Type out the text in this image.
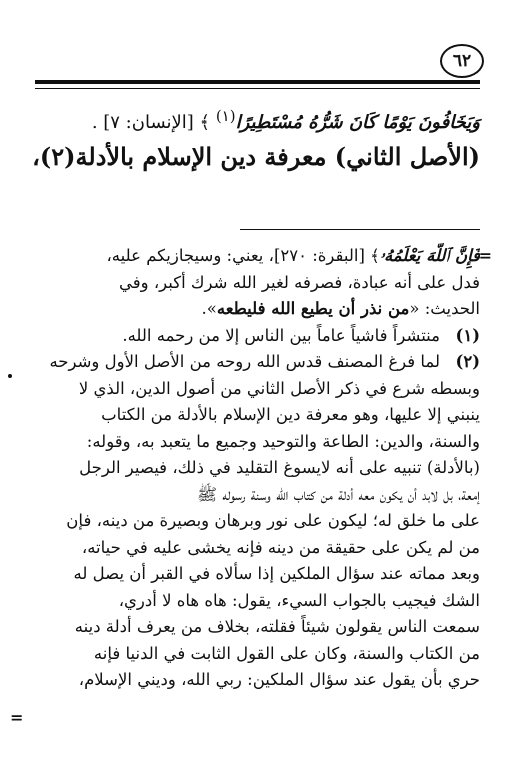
٦٢
وَيَخَافُونَ يَوْمًا كَانَ شَرُّهُ مُسْتَطِيرًا$^{(١)}$ ﴾ [الإنسان: ٧] .
(الأصل الثاني) معرفة دين الإسلام بالأدلة(٢)،
=
فَإِنَّ ٱللَّهَ يَعْلَمُهُۥ﴾ [البقرة: ٢٧٠]، يعني: وسيجازيكم عليه،
فدل على أنه عبادة، فصرفه لغير الله شرك أكبر، وفي
الحديث: «من نذر أن يطيع الله فليطعه».
(١)
منتشراً فاشياً عاماً بين الناس إلا من رحمه الله.
(٢)
لما فرغ المصنف قدس الله روحه من الأصل الأول وشرحه
وبسطه شرع في ذكر الأصل الثاني من أصول الدين، الذي لا
ينبني إلا عليها، وهو معرفة دين الإسلام بالأدلة من الكتاب
والسنة، والدين: الطاعة والتوحيد وجميع ما يتعبد به، وقوله:
(بالأدلة) تنبيه على أنه لايسوغ التقليد في ذلك، فيصير الرجل
إمعة، بل لابد أن يكون معه أدلة من كتاب الله وسنة رسوله ﷺ
على ما خلق له؛ ليكون على نور وبرهان وبصيرة من دينه، فإن
من لم يكن على حقيقة من دينه فإنه يخشى عليه في حياته،
وبعد مماته عند سؤال الملكين إذا سألاه في القبر أن يصل له
الشك فيجيب بالجواب السيء، يقول: هاه هاه لا أدري،
سمعت الناس يقولون شيئاً فقلته، بخلاف من يعرف أدلة دينه
من الكتاب والسنة، وكان على القول الثابت في الدنيا فإنه
حري بأن يقول عند سؤال الملكين: ربي الله، وديني الإسلام،
=
